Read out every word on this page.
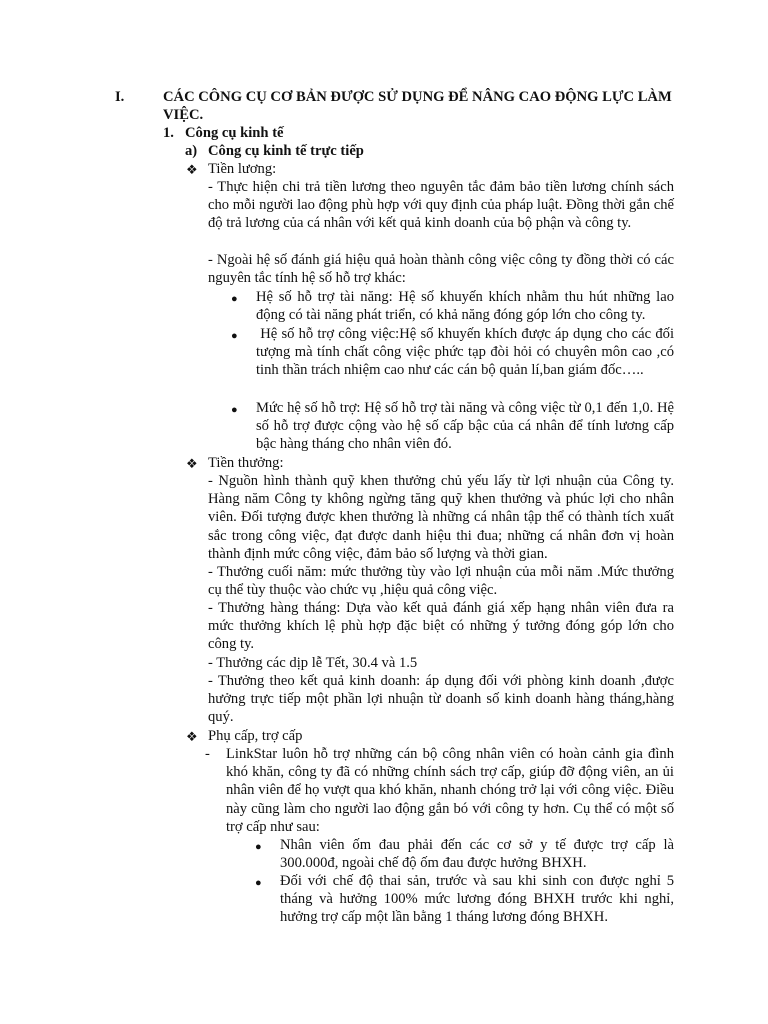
I.	CÁC CÔNG CỤ CƠ BẢN ĐƯỢC SỬ DỤNG ĐỂ NÂNG CAO ĐỘNG LỰC LÀM VIỆC.
1. Công cụ kinh tế
a) Công cụ kinh tế trực tiếp
❖ Tiền lương:
- Thực hiện chi trả tiền lương theo nguyên tắc đảm bảo tiền lương chính sách cho mỗi người lao động phù hợp với quy định của pháp luật. Đồng thời gắn chế độ trả lương của cá nhân với kết quả kinh doanh của bộ phận và công ty.
- Ngoài hệ số đánh giá hiệu quả hoàn thành công việc công ty đồng thời có các nguyên tắc tính hệ số hỗ trợ khác:
● Hệ số hỗ trợ tài năng: Hệ số khuyến khích nhằm thu hút những lao động có tài năng phát triển, có khả năng đóng góp lớn cho công ty.
● Hệ số hỗ trợ công việc:Hệ số khuyến khích được áp dụng cho các đối tượng mà tính chất công việc phức tạp đòi hỏi có chuyên môn cao ,có tinh thần trách nhiệm cao như các cán bộ quản lí,ban giám đốc…..
● Mức hệ số hỗ trợ: Hệ số hỗ trợ tài năng và công việc từ 0,1 đến 1,0. Hệ số hỗ trợ được cộng vào hệ số cấp bậc của cá nhân để tính lương cấp bậc hàng tháng cho nhân viên đó.
❖ Tiền thưởng:
- Nguồn hình thành quỹ khen thưởng chủ yếu lấy từ lợi nhuận của Công ty. Hàng năm Công ty không ngừng tăng quỹ khen thưởng và phúc lợi cho nhân viên. Đối tượng được khen thưởng là những cá nhân tập thể có thành tích xuất sắc trong công việc, đạt được danh hiệu thi đua; những cá nhân đơn vị hoàn thành định mức công việc, đảm bảo số lượng và thời gian.
- Thưởng cuối năm: mức thưởng tùy vào lợi nhuận của mỗi năm .Mức thưởng cụ thể tùy thuộc vào chức vụ ,hiệu quả công việc.
- Thưởng hàng tháng: Dựa vào kết quả đánh giá xếp hạng nhân viên đưa ra mức thưởng khích lệ phù hợp đặc biệt có những ý tưởng đóng góp lớn cho công ty.
- Thưởng các dịp lễ Tết, 30.4 và 1.5
- Thưởng theo kết quả kinh doanh: áp dụng đối với phòng kinh doanh ,được hưởng trực tiếp một phần lợi nhuận từ doanh số kinh doanh hàng tháng,hàng quý.
❖ Phụ cấp, trợ cấp
- LinkStar luôn hỗ trợ những cán bộ công nhân viên có hoàn cảnh gia đình khó khăn, công ty đã có những chính sách trợ cấp, giúp đỡ động viên, an ủi nhân viên để họ vượt qua khó khăn, nhanh chóng trở lại với công việc. Điều này cũng làm cho người lao động gắn bó với công ty hơn. Cụ thể có một số trợ cấp như sau:
● Nhân viên ốm đau phải đến các cơ sở y tế được trợ cấp là 300.000đ, ngoài chế độ ốm đau được hưởng BHXH.
● Đối với chế độ thai sản, trước và sau khi sinh con được nghỉ 5 tháng và hưởng 100% mức lương đóng BHXH trước khi nghỉ, hưởng trợ cấp một lần bằng 1 tháng lương đóng BHXH.
